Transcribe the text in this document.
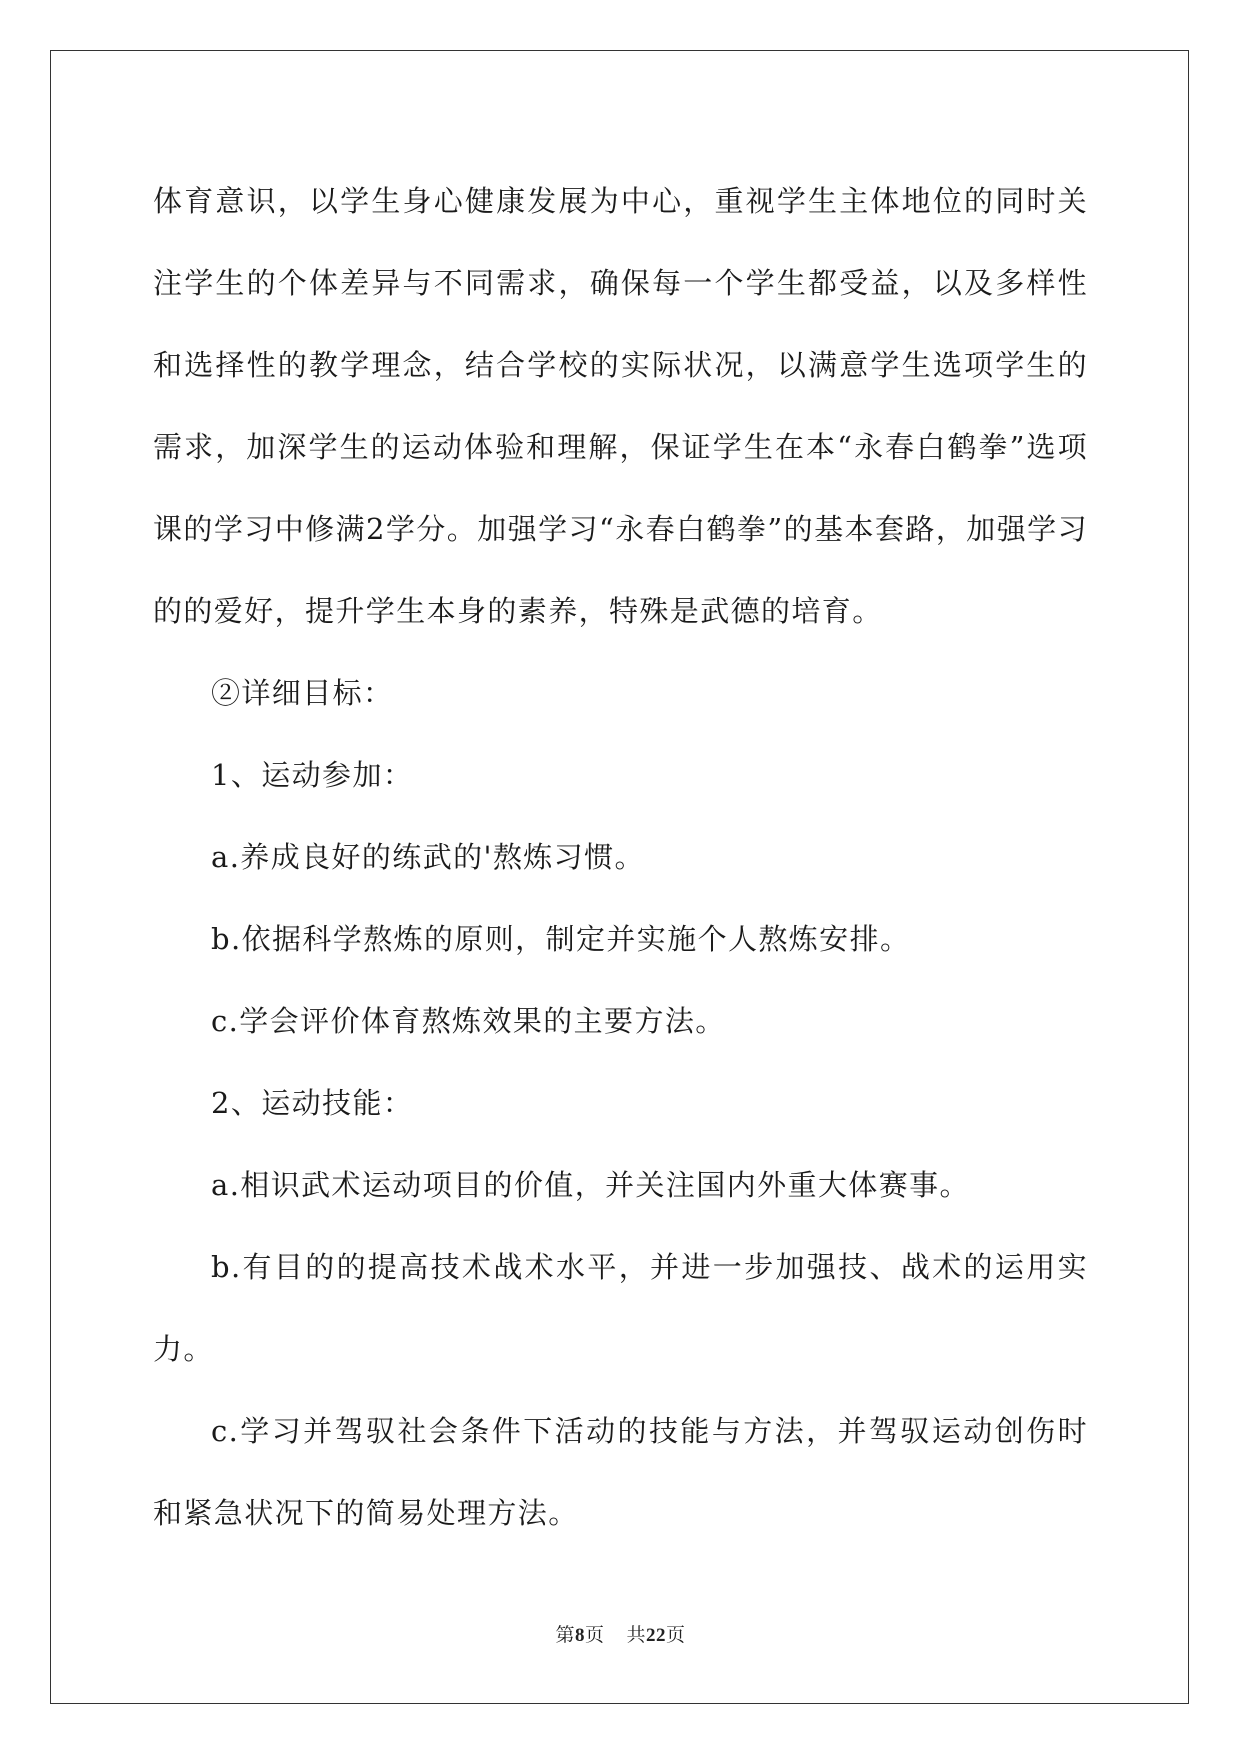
体育意识，以学生身心健康发展为中心，重视学生主体地位的同时关注学生的个体差异与不同需求，确保每一个学生都受益，以及多样性和选择性的教学理念，结合学校的实际状况，以满意学生选项学生的需求，加深学生的运动体验和理解，保证学生在本“永春白鹤拳”选项课的学习中修满2学分。加强学习“永春白鹤拳”的基本套路，加强学习的的爱好，提升学生本身的素养，特殊是武德的培育。

②详细目标：

1、运动参加：

a.养成良好的练武的'熬炼习惯。

b.依据科学熬炼的原则，制定并实施个人熬炼安排。

c.学会评价体育熬炼效果的主要方法。

2、运动技能：

a.相识武术运动项目的价值，并关注国内外重大体赛事。

b.有目的的提高技术战术水平，并进一步加强技、战术的运用实力。

c.学习并驾驭社会条件下活动的技能与方法，并驾驭运动创伤时和紧急状况下的简易处理方法。

第8页 共22页
